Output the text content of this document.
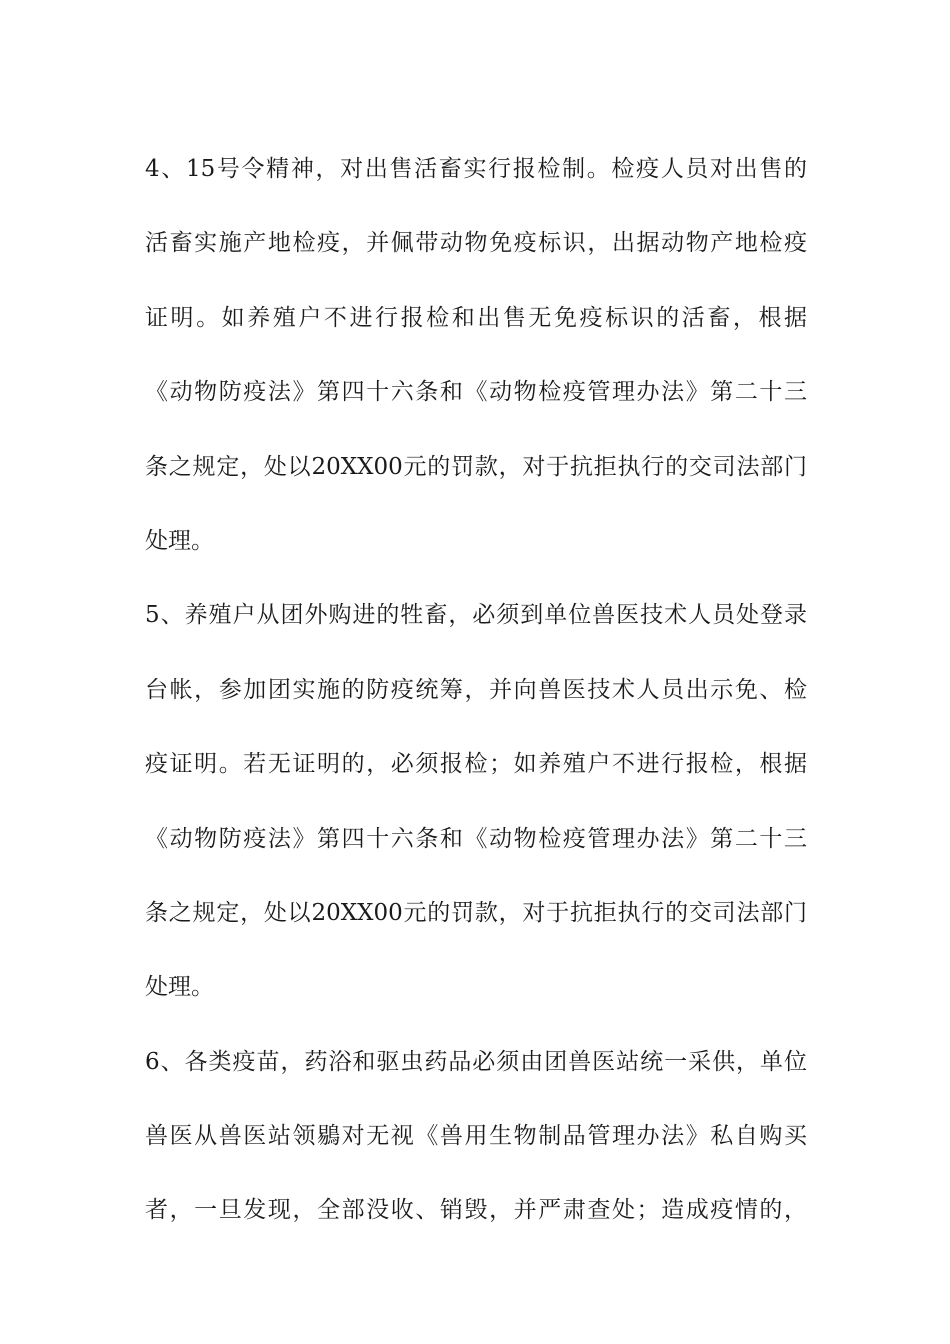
4、15号令精神，对出售活畜实行报检制。检疫人员对出售的
活畜实施产地检疫，并佩带动物免疫标识，出据动物产地检疫
证明。如养殖户不进行报检和出售无免疫标识的活畜，根据
《动物防疫法》第四十六条和《动物检疫管理办法》第二十三
条之规定，处以20XX00元的罚款，对于抗拒执行的交司法部门
处理。
5、养殖户从团外购进的牲畜，必须到单位兽医技术人员处登录
台帐，参加团实施的防疫统筹，并向兽医技术人员出示免、检
疫证明。若无证明的，必须报检；如养殖户不进行报检，根据
《动物防疫法》第四十六条和《动物检疫管理办法》第二十三
条之规定，处以20XX00元的罚款，对于抗拒执行的交司法部门
处理。
6、各类疫苗，药浴和驱虫药品必须由团兽医站统一采供，单位
兽医从兽医站领鶍对无视《兽用生物制品管理办法》私自购买
者，一旦发现，全部没收、销毁，并严肃查处；造成疫情的，
